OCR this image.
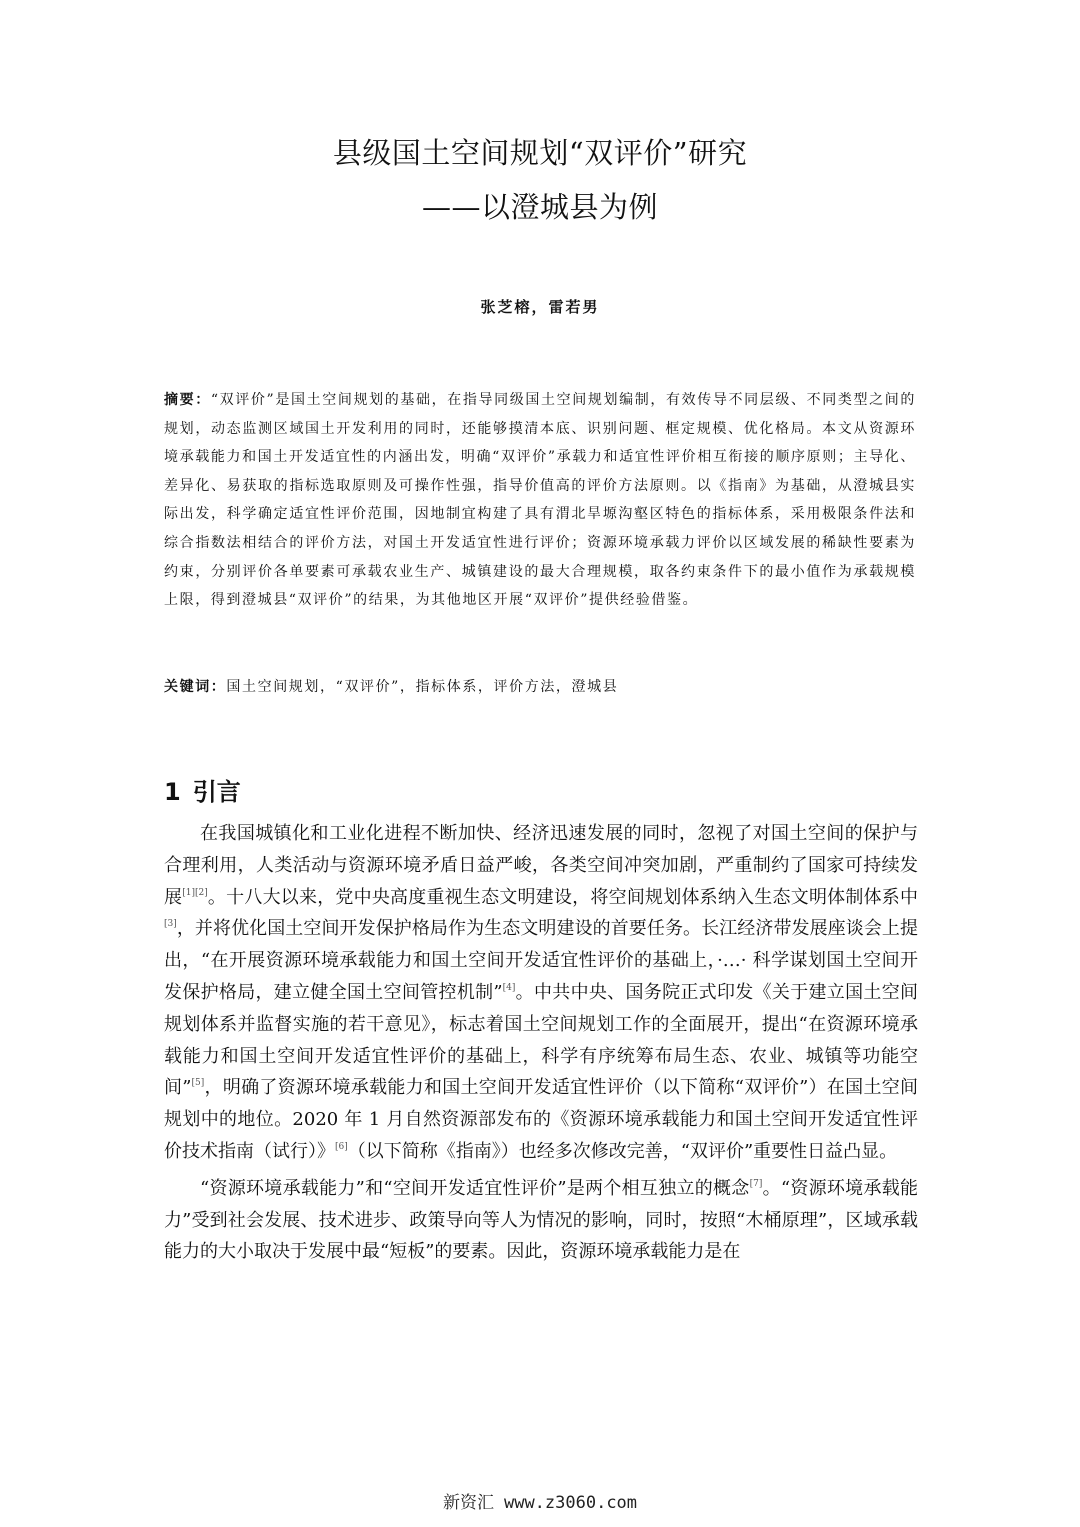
县级国土空间规划“双评价”研究
——以澄城县为例
张芝榕，雷若男

摘要：“双评价”是国土空间规划的基础，在指导同级国土空间规划编制，有效传导不同层级、不同类型之间的规划，动态监测区域国土开发利用的同时，还能够摸清本底、识别问题、框定规模、优化格局。本文从资源环境承载能力和国土开发适宜性的内涵出发，明确“双评价”承载力和适宜性评价相互衔接的顺序原则；主导化、差异化、易获取的指标选取原则及可操作性强，指导价值高的评价方法原则。以《指南》为基础，从澄城县实际出发，科学确定适宜性评价范围，因地制宜构建了具有渭北旱塬沟壑区特色的指标体系，采用极限条件法和综合指数法相结合的评价方法，对国土开发适宜性进行评价；资源环境承载力评价以区域发展的稀缺性要素为约束，分别评价各单要素可承载农业生产、城镇建设的最大合理规模，取各约束条件下的最小值作为承载规模上限，得到澄城县“双评价”的结果，为其他地区开展“双评价”提供经验借鉴。

关键词：国土空间规划，“双评价”，指标体系，评价方法，澄城县

1 引言

在我国城镇化和工业化进程不断加快、经济迅速发展的同时，忽视了对国土空间的保护与合理利用，人类活动与资源环境矛盾日益严峻，各类空间冲突加剧，严重制约了国家可持续发展[1][2]。十八大以来，党中央高度重视生态文明建设，将空间规划体系纳入生态文明体制体系中[3]，并将优化国土空间开发保护格局作为生态文明建设的首要任务。长江经济带发展座谈会上提出，“在开展资源环境承载能力和国土空间开发适宜性评价的基础上，·…· 科学谋划国土空间开发保护格局，建立健全国土空间管控机制”[4]。中共中央、国务院正式印发《关于建立国土空间规划体系并监督实施的若干意见》，标志着国土空间规划工作的全面展开，提出“在资源环境承载能力和国土空间开发适宜性评价的基础上，科学有序统筹布局生态、农业、城镇等功能空间”[5]，明确了资源环境承载能力和国土空间开发适宜性评价（以下简称“双评价”）在国土空间规划中的地位。2020 年 1 月自然资源部发布的《资源环境承载能力和国土空间开发适宜性评价技术指南（试行）》[6]（以下简称《指南》）也经多次修改完善，“双评价”重要性日益凸显。

“资源环境承载能力”和“空间开发适宜性评价”是两个相互独立的概念[7]。“资源环境承载能力”受到社会发展、技术进步、政策导向等人为情况的影响，同时，按照“木桶原理”，区域承载能力的大小取决于发展中最“短板”的要素。因此，资源环境承载能力是在

新资汇 www.z3060.com
